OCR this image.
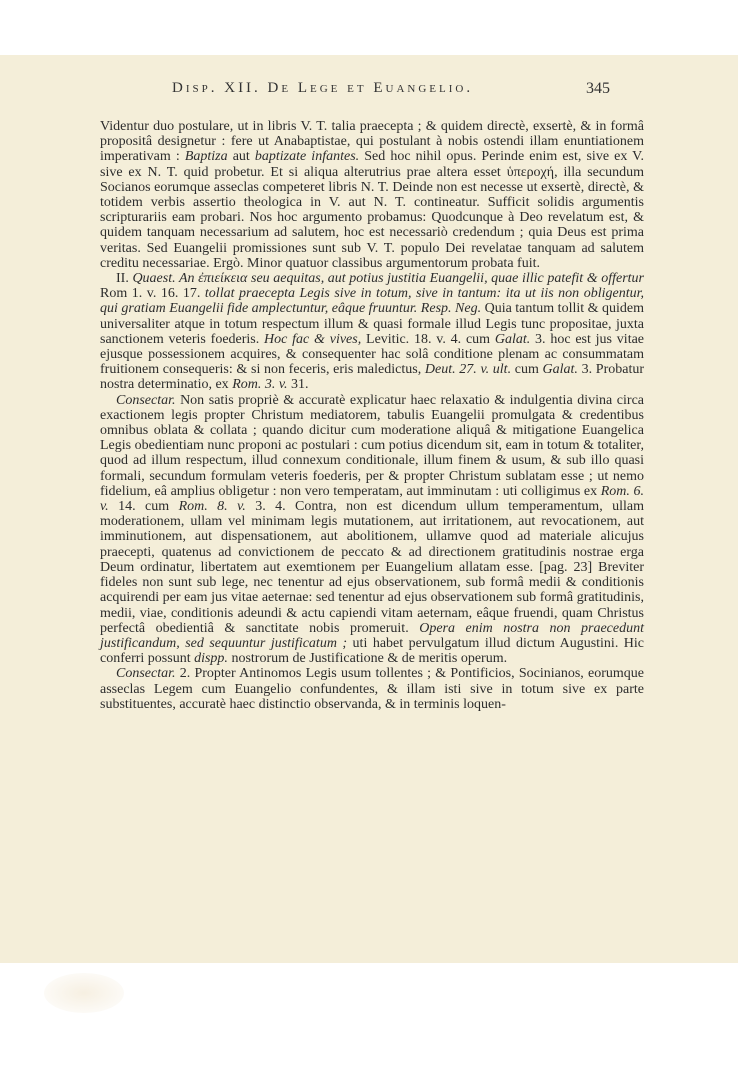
Disp. XII. De Lege et Euangelio.	345

Videntur duo postulare, ut in libris V. T. talia praecepta ; & quidem directè, exsertè, & in formâ propositâ designetur : fere ut Anabaptistae, qui postulant à nobis ostendi illam enuntiationem imperativam : Baptiza aut baptizate infantes. Sed hoc nihil opus. Perinde enim est, sive ex V. sive ex N. T. quid probetur. Et si aliqua alterutrius prae altera esset ὑπεροχή, illa secundum Socianos eorumque asseclas competeret libris N. T. Deinde non est necesse ut exsertè, directè, & totidem verbis assertio theologica in V. aut N. T. contineatur. Sufficit solidis argumentis scripturariis eam probari. Nos hoc argumento probamus: Quodcunque à Deo revelatum est, & quidem tanquam necessarium ad salutem, hoc est necessariò credendum ; quia Deus est prima veritas. Sed Euangelii promissiones sunt sub V. T. populo Dei revelatae tanquam ad salutem creditu necessariae. Ergò. Minor quatuor classibus argumentorum probata fuit.

II. Quaest. An ἐπιείκεια seu aequitas, aut potius justitia Euangelii, quae illic patefit & offertur Rom 1. v. 16. 17. tollat praecepta Legis sive in totum, sive in tantum: ita ut iis non obligentur, qui gratiam Euangelii fide amplectuntur, eâque fruuntur. Resp. Neg. Quia tantum tollit & quidem universaliter atque in totum respectum illum & quasi formale illud Legis tunc propositae, juxta sanctionem veteris foederis. Hoc fac & vives, Levitic. 18. v. 4. cum Galat. 3. hoc est jus vitae ejusque possessionem acquires, & consequenter hac solâ conditione plenam ac consummatam fruitionem consequeris: & si non feceris, eris maledictus, Deut. 27. v. ult. cum Galat. 3. Probatur nostra determinatio, ex Rom. 3. v. 31.

Consectar. Non satis propriè & accuratè explicatur haec relaxatio & indulgentia divina circa exactionem legis propter Christum mediatorem, tabulis Euangelii promulgata & credentibus omnibus oblata & collata ; quando dicitur cum moderatione aliquâ & mitigatione Euangelica Legis obedientiam nunc proponi ac postulari : cum potius dicendum sit, eam in totum & totaliter, quod ad illum respectum, illud connexum conditionale, illum finem & usum, & sub illo quasi formali, secundum formulam veteris foederis, per & propter Christum sublatam esse ; ut nemo fidelium, eâ amplius obligetur : non vero temperatam, aut imminutam : uti colligimus ex Rom. 6. v. 14. cum Rom. 8. v. 3. 4. Contra, non est dicendum ullum temperamentum, ullam moderationem, ullam vel minimam legis mutationem, aut irritationem, aut revocationem, aut imminutionem, aut dispensationem, aut abolitionem, ullamve quod ad materiale alicujus praecepti, quatenus ad convictionem de peccato & ad directionem gratitudinis nostrae erga Deum ordinatur, libertatem aut exemtionem per Euangelium allatam esse. [pag. 23] Breviter fideles non sunt sub lege, nec tenentur ad ejus observationem, sub formâ medii & conditionis acquirendi per eam jus vitae aeternae: sed tenentur ad ejus observationem sub formâ gratitudinis, medii, viae, conditionis adeundi & actu capiendi vitam aeternam, eâque fruendi, quam Christus perfectâ obedientiâ & sanctitate nobis promeruit. Opera enim nostra non praecedunt justificandum, sed sequuntur justificatum ; uti habet pervulgatum illud dictum Augustini. Hic conferri possunt dispp. nostrorum de Justificatione & de meritis operum.

Consectar. 2. Propter Antinomos Legis usum tollentes ; & Pontificios, Socinianos, eorumque asseclas Legem cum Euangelio confundentes, & illam isti sive in totum sive ex parte substituentes, accuratè haec distinctio observanda, & in terminis loquen-
